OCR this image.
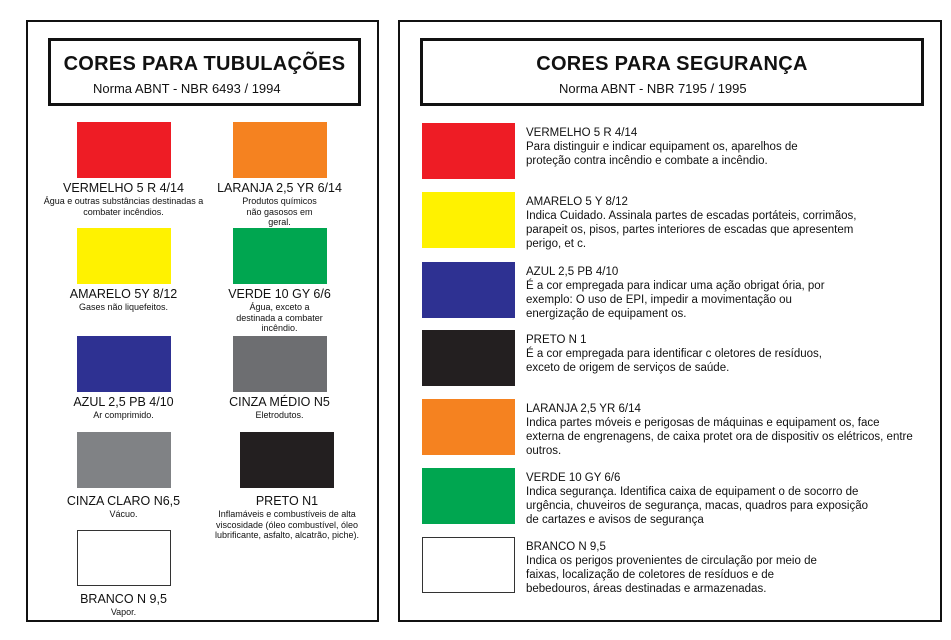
CORES PARA TUBULAÇÕES
Norma ABNT - NBR 6493 / 1994
VERMELHO 5 R 4/14
Água e outras substâncias destinadas a combater incêndios.
LARANJA 2,5 YR 6/14
Produtos químicos não gasosos em geral.
AMARELO 5Y 8/12
Gases não liquefeitos.
VERDE 10 GY 6/6
Água, exceto a destinada a combater incêndio.
AZUL 2,5 PB 4/10
Ar comprimido.
CINZA MÉDIO N5
Eletrodutos.
CINZA CLARO N6,5
Vácuo.
PRETO N1
Inflamáveis e combustíveis de alta viscosidade (óleo combustível, óleo lubrificante, asfalto, alcatrão, piche).
BRANCO N 9,5
Vapor.
CORES PARA SEGURANÇA
Norma ABNT - NBR 7195 / 1995
VERMELHO 5 R 4/14
Para distinguir e indicar equipament os, aparelhos de proteção contra incêndio e combate a incêndio.
AMARELO 5 Y 8/12
Indica Cuidado. Assinala partes de escadas portáteis, corrimãos, parapeit os, pisos, partes interiores de escadas que apresentem perigo, et c.
AZUL 2,5 PB 4/10
É a cor empregada para indicar uma ação obrigat ória, por exemplo: O uso de EPI, impedir a movimentação ou energização de equipament os.
PRETO N 1
É a cor empregada para identificar c oletores de resíduos, exceto de origem de serviços de saúde.
LARANJA 2,5 YR 6/14
Indica partes móveis e perigosas de máquinas e equipament os, face externa de engrenagens, de caixa protet ora de dispositiv os elétricos, entre outros.
VERDE 10 GY 6/6
Indica segurança. Identifica caixa de equipament o de socorro de urgência, chuveiros de segurança, macas, quadros para exposição de cartazes e avisos de segurança
BRANCO N 9,5
Indica os perigos provenientes de circulação por meio de faixas, localização de coletores de resíduos e de bebedouros, áreas destinadas e armazenadas.
